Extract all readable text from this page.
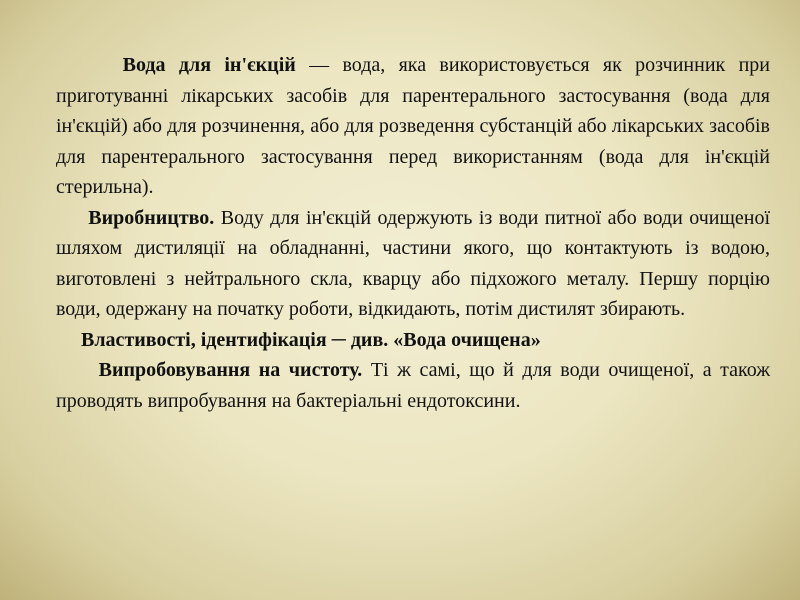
Вода для ін'єкцій — вода, яка використовується як розчинник при приготуванні лікарських засобів для парентерального застосування (вода для ін'єкцій) або для розчинення, або для розведення субстанцій або лікарських засобів для парентерального застосування перед використанням (вода для ін'єкцій стерильна).

Виробництво. Воду для ін'єкцій одержують із води питної або води очищеної шляхом дистиляції на обладнанні, частини якого, що контактують із водою, виготовлені з нейтрального скла, кварцу або підхожого металу. Першу порцію води, одержану на початку роботи, відкидають, потім дистилят збирають.

Властивості, ідентифікація ─ див. «Вода очищена»

Випробовування на чистоту. Ті ж самі, що й для води очищеної, а також проводять випробування на бактеріальні ендотоксини.
